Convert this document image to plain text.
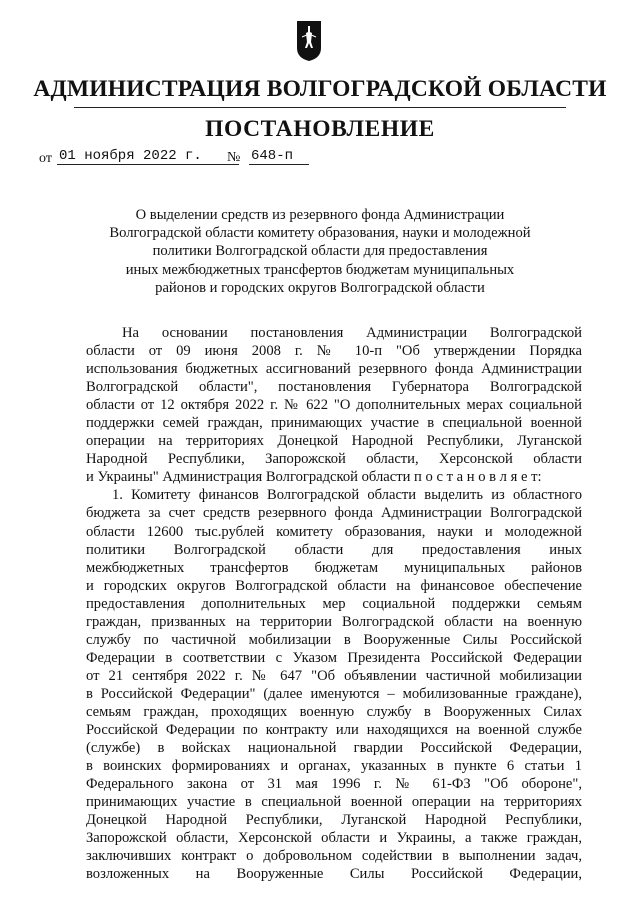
АДМИНИСТРАЦИЯ ВОЛГОГРАДСКОЙ ОБЛАСТИ
ПОСТАНОВЛЕНИЕ
от 01 ноября 2022 г.	№ 648-п
О выделении средств из резервного фонда Администрации
Волгоградской области комитету образования, науки и молодежной
политики Волгоградской области для предоставления
иных межбюджетных трансфертов бюджетам муниципальных
районов и городских округов Волгоградской области
На основании постановления Администрации Волгоградской
области от 09 июня 2008 г. № 10-п "Об утверждении Порядка
использования бюджетных ассигнований резервного фонда Администрации
Волгоградской области", постановления Губернатора Волгоградской
области от 12 октября 2022 г. № 622 "О дополнительных мерах социальной
поддержки семей граждан, принимающих участие в специальной военной
операции на территориях Донецкой Народной Республики, Луганской
Народной Республики, Запорожской области, Херсонской области
и Украины" Администрация Волгоградской области п о с т а н о в л я е т:
1. Комитету финансов Волгоградской области выделить из областного
бюджета за счет средств резервного фонда Администрации Волгоградской
области 12600 тыс.рублей комитету образования, науки и молодежной
политики Волгоградской области для предоставления иных
межбюджетных трансфертов бюджетам муниципальных районов
и городских округов Волгоградской области на финансовое обеспечение
предоставления дополнительных мер социальной поддержки семьям
граждан, призванных на территории Волгоградской области на военную
службу по частичной мобилизации в Вооруженные Силы Российской
Федерации в соответствии с Указом Президента Российской Федерации
от 21 сентября 2022 г. № 647 "Об объявлении частичной мобилизации
в Российской Федерации" (далее именуются – мобилизованные граждане),
семьям граждан, проходящих военную службу в Вооруженных Силах
Российской Федерации по контракту или находящихся на военной службе
(службе) в войсках национальной гвардии Российской Федерации,
в воинских формированиях и органах, указанных в пункте 6 статьи 1
Федерального закона от 31 мая 1996 г. № 61-ФЗ "Об обороне",
принимающих участие в специальной военной операции на территориях
Донецкой Народной Республики, Луганской Народной Республики,
Запорожской области, Херсонской области и Украины, а также граждан,
заключивших контракт о добровольном содействии в выполнении задач,
возложенных на Вооруженные Силы Российской Федерации,
